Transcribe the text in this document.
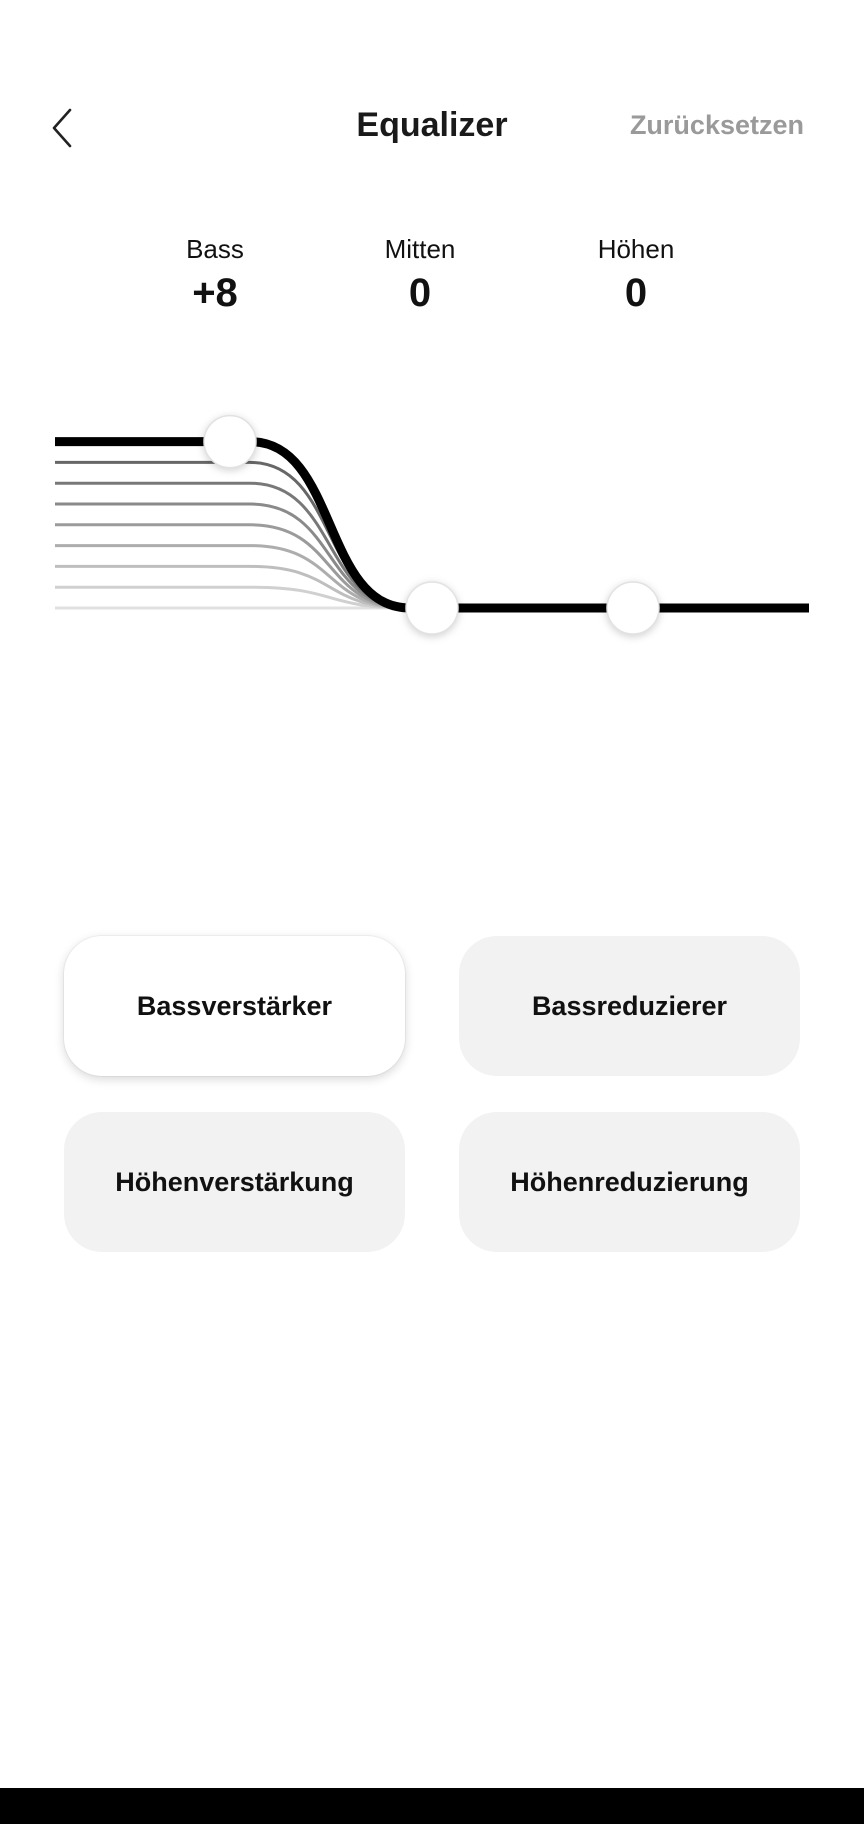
Equalizer	Zurücksetzen
Bass
+8
Mitten
0
Höhen
0
Bassverstärker	Bassreduzierer
Höhenverstärkung	Höhenreduzierung
